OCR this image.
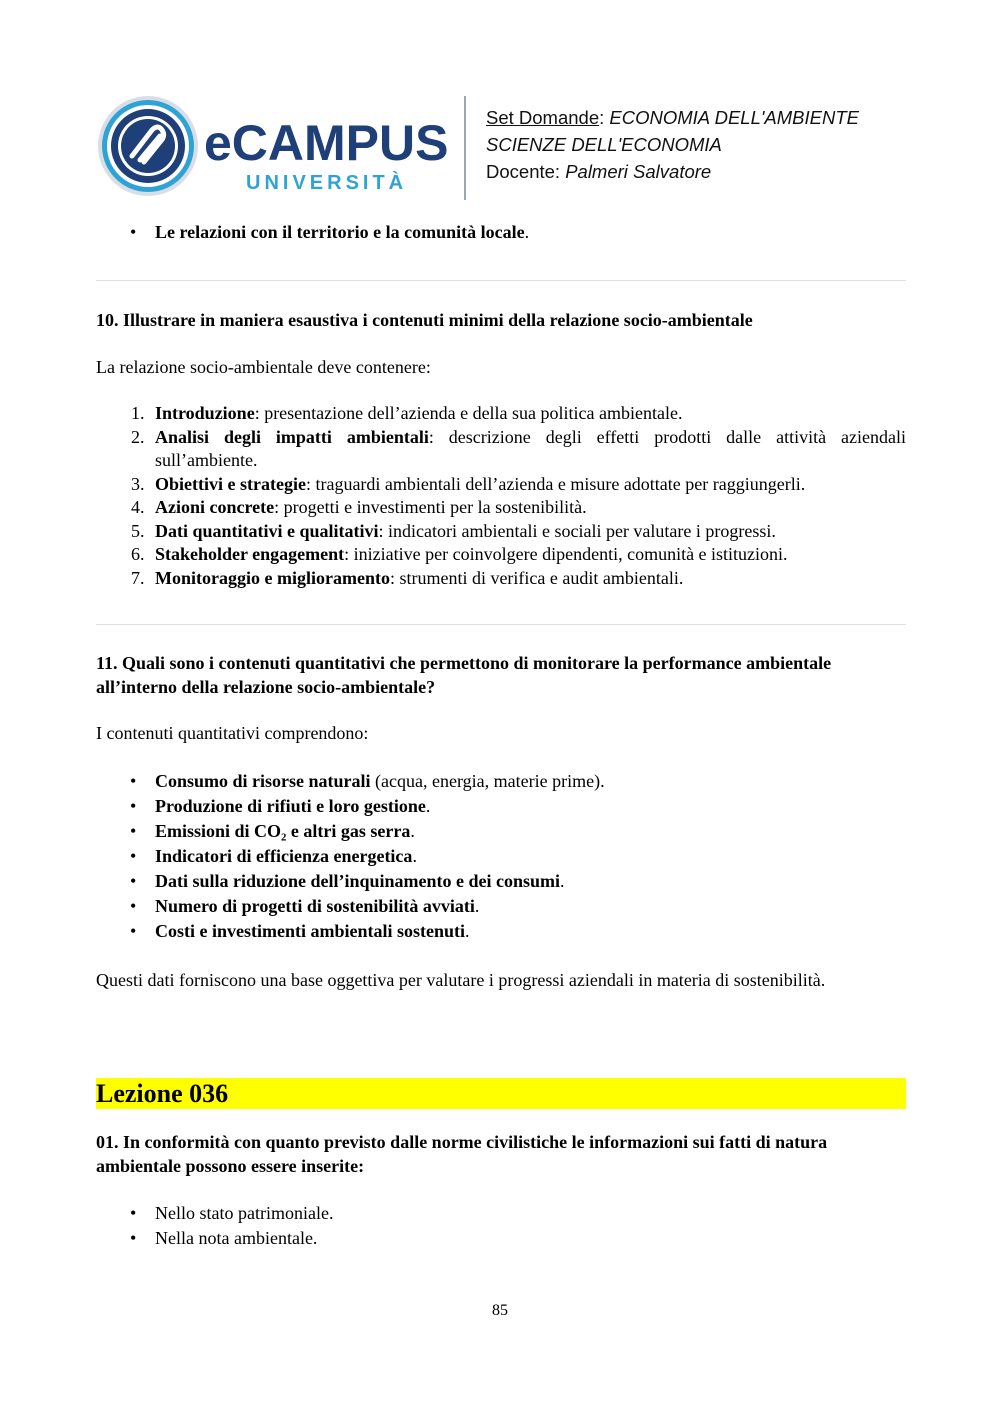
eCAMPUS
UNIVERSITÀ
Set Domande: ECONOMIA DELL'AMBIENTE
SCIENZE DELL'ECONOMIA
Docente: Palmeri Salvatore
• Le relazioni con il territorio e la comunità locale.

10. Illustrare in maniera esaustiva i contenuti minimi della relazione socio-ambientale

La relazione socio-ambientale deve contenere:

1. Introduzione: presentazione dell’azienda e della sua politica ambientale.
2. Analisi degli impatti ambientali: descrizione degli effetti prodotti dalle attività aziendali sull’ambiente.
3. Obiettivi e strategie: traguardi ambientali dell’azienda e misure adottate per raggiungerli.
4. Azioni concrete: progetti e investimenti per la sostenibilità.
5. Dati quantitativi e qualitativi: indicatori ambientali e sociali per valutare i progressi.
6. Stakeholder engagement: iniziative per coinvolgere dipendenti, comunità e istituzioni.
7. Monitoraggio e miglioramento: strumenti di verifica e audit ambientali.

11. Quali sono i contenuti quantitativi che permettono di monitorare la performance ambientale all’interno della relazione socio-ambientale?

I contenuti quantitativi comprendono:

• Consumo di risorse naturali (acqua, energia, materie prime).
• Produzione di rifiuti e loro gestione.
• Emissioni di CO₂ e altri gas serra.
• Indicatori di efficienza energetica.
• Dati sulla riduzione dell’inquinamento e dei consumi.
• Numero di progetti di sostenibilità avviati.
• Costi e investimenti ambientali sostenuti.

Questi dati forniscono una base oggettiva per valutare i progressi aziendali in materia di sostenibilità.

Lezione 036

01. In conformità con quanto previsto dalle norme civilistiche le informazioni sui fatti di natura ambientale possono essere inserite:

• Nello stato patrimoniale.
• Nella nota ambientale.
85
